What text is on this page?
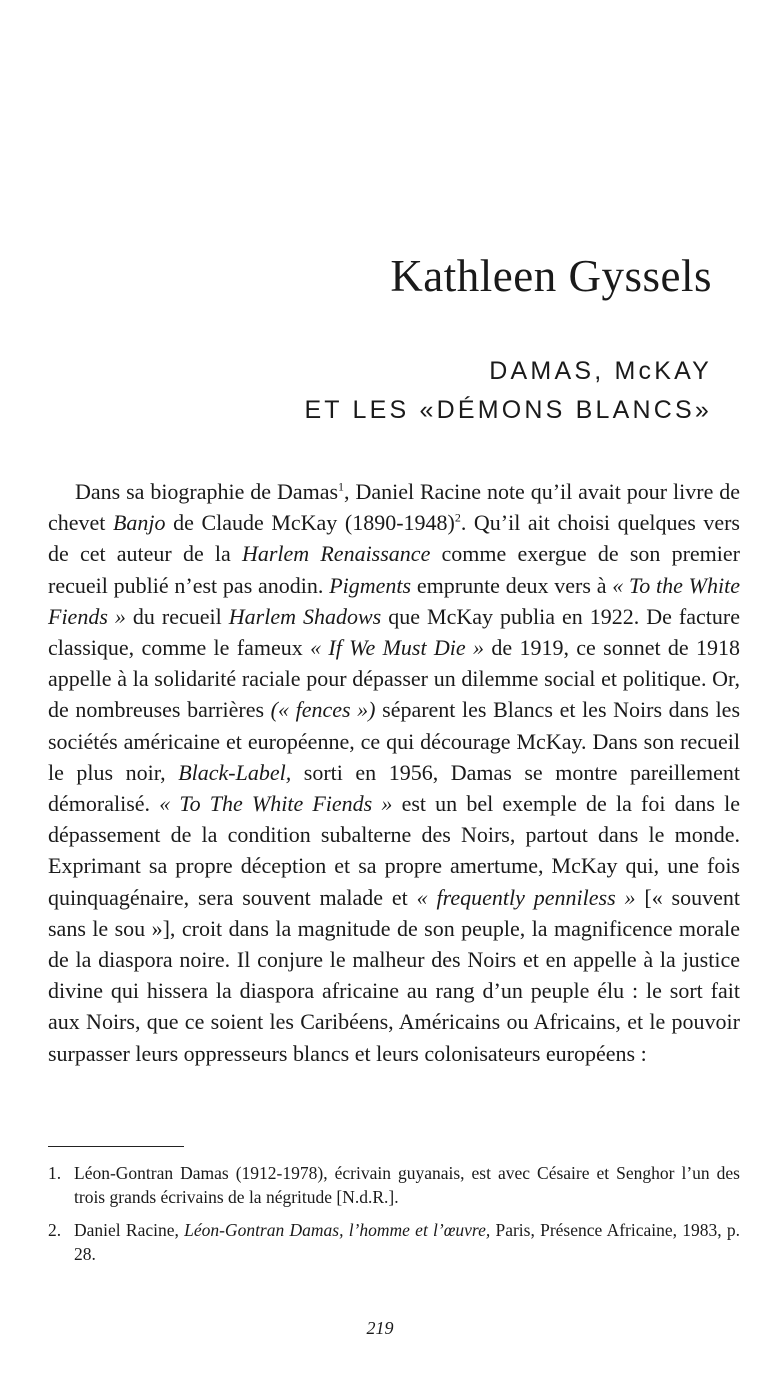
Kathleen Gyssels
DAMAS, McKAY
ET LES «DÉMONS BLANCS»

Dans sa biographie de Damas$^1$, Daniel Racine note qu’il avait pour livre de chevet Banjo de Claude McKay (1890-1948)$^2$. Qu’il ait choisi quelques vers de cet auteur de la Harlem Renaissance comme exergue de son premier recueil publié n’est pas anodin. Pigments emprunte deux vers à « To the White Fiends » du recueil Harlem Shadows que McKay publia en 1922. De facture classique, comme le fameux « If We Must Die » de 1919, ce sonnet de 1918 appelle à la solidarité raciale pour dépasser un dilemme social et politique. Or, de nombreuses barrières (« fences ») séparent les Blancs et les Noirs dans les sociétés américaine et européenne, ce qui décourage McKay. Dans son recueil le plus noir, Black-Label, sorti en 1956, Damas se montre pareillement démoralisé. « To The White Fiends » est un bel exemple de la foi dans le dépassement de la condition subalterne des Noirs, partout dans le monde. Exprimant sa propre déception et sa propre amertume, McKay qui, une fois quinquagénaire, sera souvent malade et « frequently penniless » [« souvent sans le sou »], croit dans la magnitude de son peuple, la magnificence morale de la diaspora noire. Il conjure le malheur des Noirs et en appelle à la justice divine qui hissera la diaspora africaine au rang d’un peuple élu : le sort fait aux Noirs, que ce soient les Caribéens, Américains ou Africains, et le pouvoir surpasser leurs oppresseurs blancs et leurs colonisateurs européens :

1. Léon-Gontran Damas (1912-1978), écrivain guyanais, est avec Césaire et Senghor l’un des trois grands écrivains de la négritude [N.d.R.].
2. Daniel Racine, Léon-Gontran Damas, l’homme et l’œuvre, Paris, Présence Africaine, 1983, p. 28.
219
